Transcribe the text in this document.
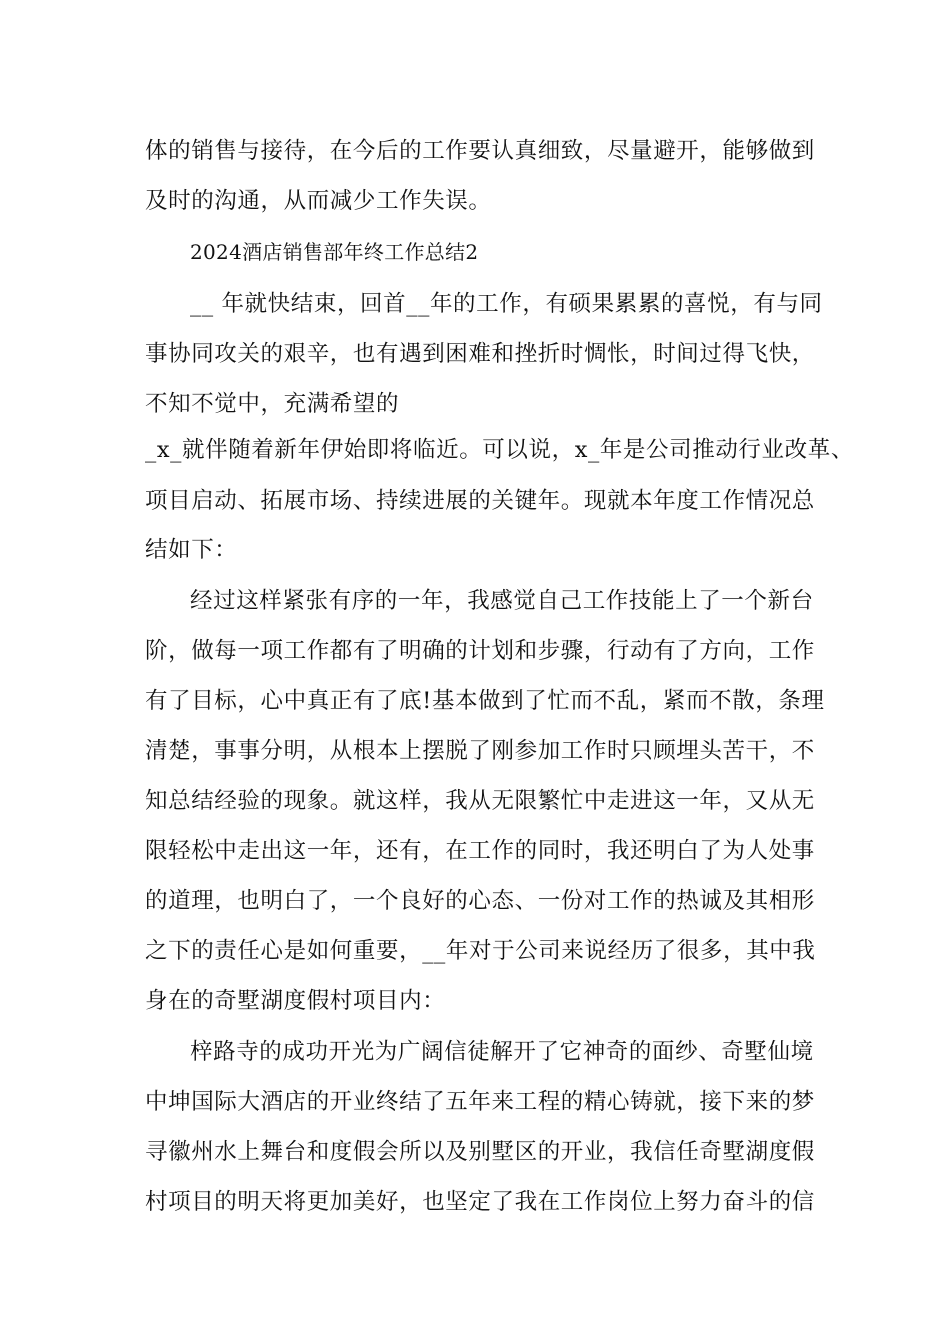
体的销售与接待，在今后的工作要认真细致，尽量避开，能够做到
及时的沟通，从而减少工作失误。
2024酒店销售部年终工作总结2
__ 年就快结束，回首__年的工作，有硕果累累的喜悦，有与同
事协同攻关的艰辛，也有遇到困难和挫折时惆怅，时间过得飞快，
不知不觉中，充满希望的
_x_就伴随着新年伊始即将临近。可以说，x_年是公司推动行业改革、
项目启动、拓展市场、持续进展的关键年。现就本年度工作情况总
结如下：
经过这样紧张有序的一年，我感觉自己工作技能上了一个新台
阶，做每一项工作都有了明确的计划和步骤，行动有了方向，工作
有了目标，心中真正有了底!基本做到了忙而不乱，紧而不散，条理
清楚，事事分明，从根本上摆脱了刚参加工作时只顾埋头苦干，不
知总结经验的现象。就这样，我从无限繁忙中走进这一年，又从无
限轻松中走出这一年，还有，在工作的同时，我还明白了为人处事
的道理，也明白了，一个良好的心态、一份对工作的热诚及其相形
之下的责任心是如何重要，__年对于公司来说经历了很多，其中我
身在的奇墅湖度假村项目内：
梓路寺的成功开光为广阔信徒解开了它神奇的面纱、奇墅仙境
中坤国际大酒店的开业终结了五年来工程的精心铸就，接下来的梦
寻徽州水上舞台和度假会所以及别墅区的开业，我信任奇墅湖度假
村项目的明天将更加美好，也坚定了我在工作岗位上努力奋斗的信
